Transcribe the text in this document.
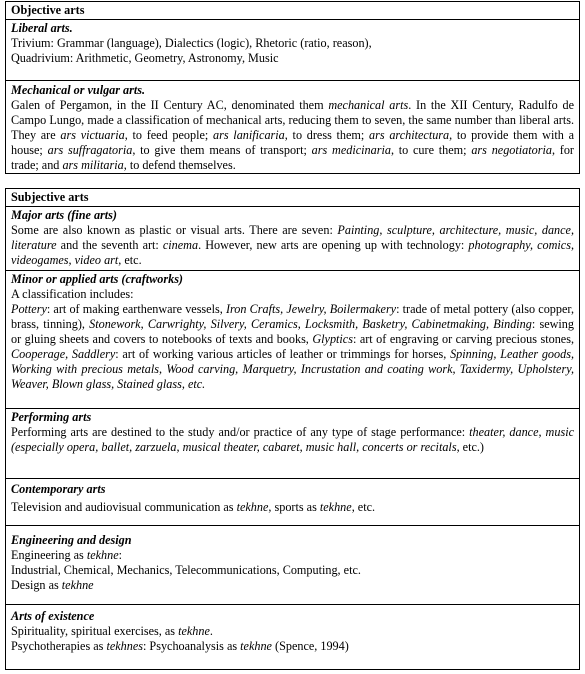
Objective arts
Liberal arts.
Trivium: Grammar (language), Dialectics (logic), Rhetoric (ratio, reason),
Quadrivium: Arithmetic, Geometry, Astronomy, Music
Mechanical or vulgar arts.
Galen of Pergamon, in the II Century AC, denominated them mechanical arts. In the XII Century, Radulfo de Campo Lungo, made a classification of mechanical arts, reducing them to seven, the same number than liberal arts. They are ars victuaria, to feed people; ars lanificaria, to dress them; ars architectura, to provide them with a house; ars suffragatoria, to give them means of transport; ars medicinaria, to cure them; ars negotiatoria, for trade; and ars militaria, to defend themselves.
Subjective arts
Major arts (fine arts)
Some are also known as plastic or visual arts. There are seven: Painting, sculpture, architecture, music, dance, literature and the seventh art: cinema. However, new arts are opening up with technology: photography, comics, videogames, video art, etc.
Minor or applied arts (craftworks)
A classification includes:
Pottery: art of making earthenware vessels, Iron Crafts, Jewelry, Boilermakery: trade of metal pottery (also copper, brass, tinning), Stonework, Carwrighty, Silvery, Ceramics, Locksmith, Basketry, Cabinetmaking, Binding: sewing or gluing sheets and covers to notebooks of texts and books, Glyptics: art of engraving or carving precious stones, Cooperage, Saddlery: art of working various articles of leather or trimmings for horses, Spinning, Leather goods, Working with precious metals, Wood carving, Marquetry, Incrustation and coating work, Taxidermy, Upholstery, Weaver, Blown glass, Stained glass, etc.
Performing arts
Performing arts are destined to the study and/or practice of any type of stage performance: theater, dance, music (especially opera, ballet, zarzuela, musical theater, cabaret, music hall, concerts or recitals, etc.)
Contemporary arts
Television and audiovisual communication as tekhne, sports as tekhne, etc.
Engineering and design
Engineering as tekhne:
Industrial, Chemical, Mechanics, Telecommunications, Computing, etc.
Design as tekhne
Arts of existence
Spirituality, spiritual exercises, as tekhne.
Psychotherapies as tekhnes: Psychoanalysis as tekhne (Spence, 1994)
